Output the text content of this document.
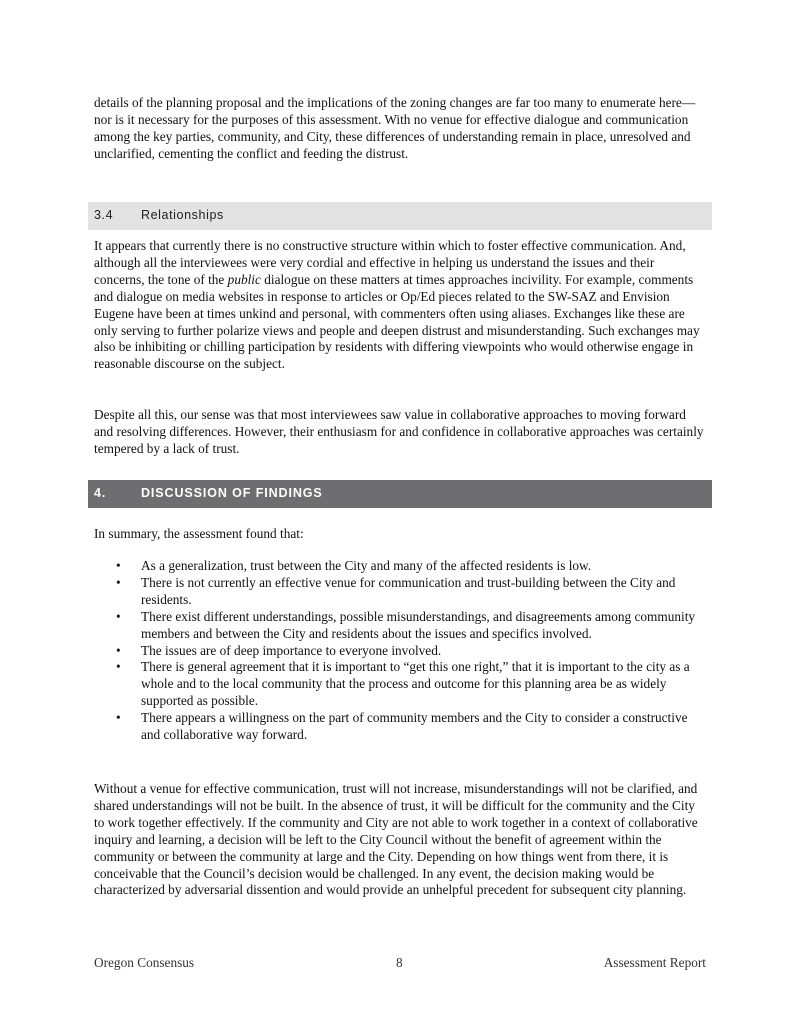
details of the planning proposal and the implications of the zoning changes are far too many to enumerate here—nor is it necessary for the purposes of this assessment. With no venue for effective dialogue and communication among the key parties, community, and City, these differences of understanding remain in place, unresolved and unclarified, cementing the conflict and feeding the distrust.

3.4 Relationships

It appears that currently there is no constructive structure within which to foster effective communication. And, although all the interviewees were very cordial and effective in helping us understand the issues and their concerns, the tone of the public dialogue on these matters at times approaches incivility. For example, comments and dialogue on media websites in response to articles or Op/Ed pieces related to the SW-SAZ and Envision Eugene have been at times unkind and personal, with commenters often using aliases. Exchanges like these are only serving to further polarize views and people and deepen distrust and misunderstanding. Such exchanges may also be inhibiting or chilling participation by residents with differing viewpoints who would otherwise engage in reasonable discourse on the subject.

Despite all this, our sense was that most interviewees saw value in collaborative approaches to moving forward and resolving differences. However, their enthusiasm for and confidence in collaborative approaches was certainly tempered by a lack of trust.

4.	DISCUSSION OF FINDINGS

In summary, the assessment found that:

• As a generalization, trust between the City and many of the affected residents is low.
• There is not currently an effective venue for communication and trust-building between the City and residents.
• There exist different understandings, possible misunderstandings, and disagreements among community members and between the City and residents about the issues and specifics involved.
• The issues are of deep importance to everyone involved.
• There is general agreement that it is important to “get this one right,” that it is important to the city as a whole and to the local community that the process and outcome for this planning area be as widely supported as possible.
• There appears a willingness on the part of community members and the City to consider a constructive and collaborative way forward.

Without a venue for effective communication, trust will not increase, misunderstandings will not be clarified, and shared understandings will not be built. In the absence of trust, it will be difficult for the community and the City to work together effectively. If the community and City are not able to work together in a context of collaborative inquiry and learning, a decision will be left to the City Council without the benefit of agreement within the community or between the community at large and the City. Depending on how things went from there, it is conceivable that the Council’s decision would be challenged. In any event, the decision making would be characterized by adversarial dissention and would provide an unhelpful precedent for subsequent city planning.

Oregon Consensus	8	Assessment Report
